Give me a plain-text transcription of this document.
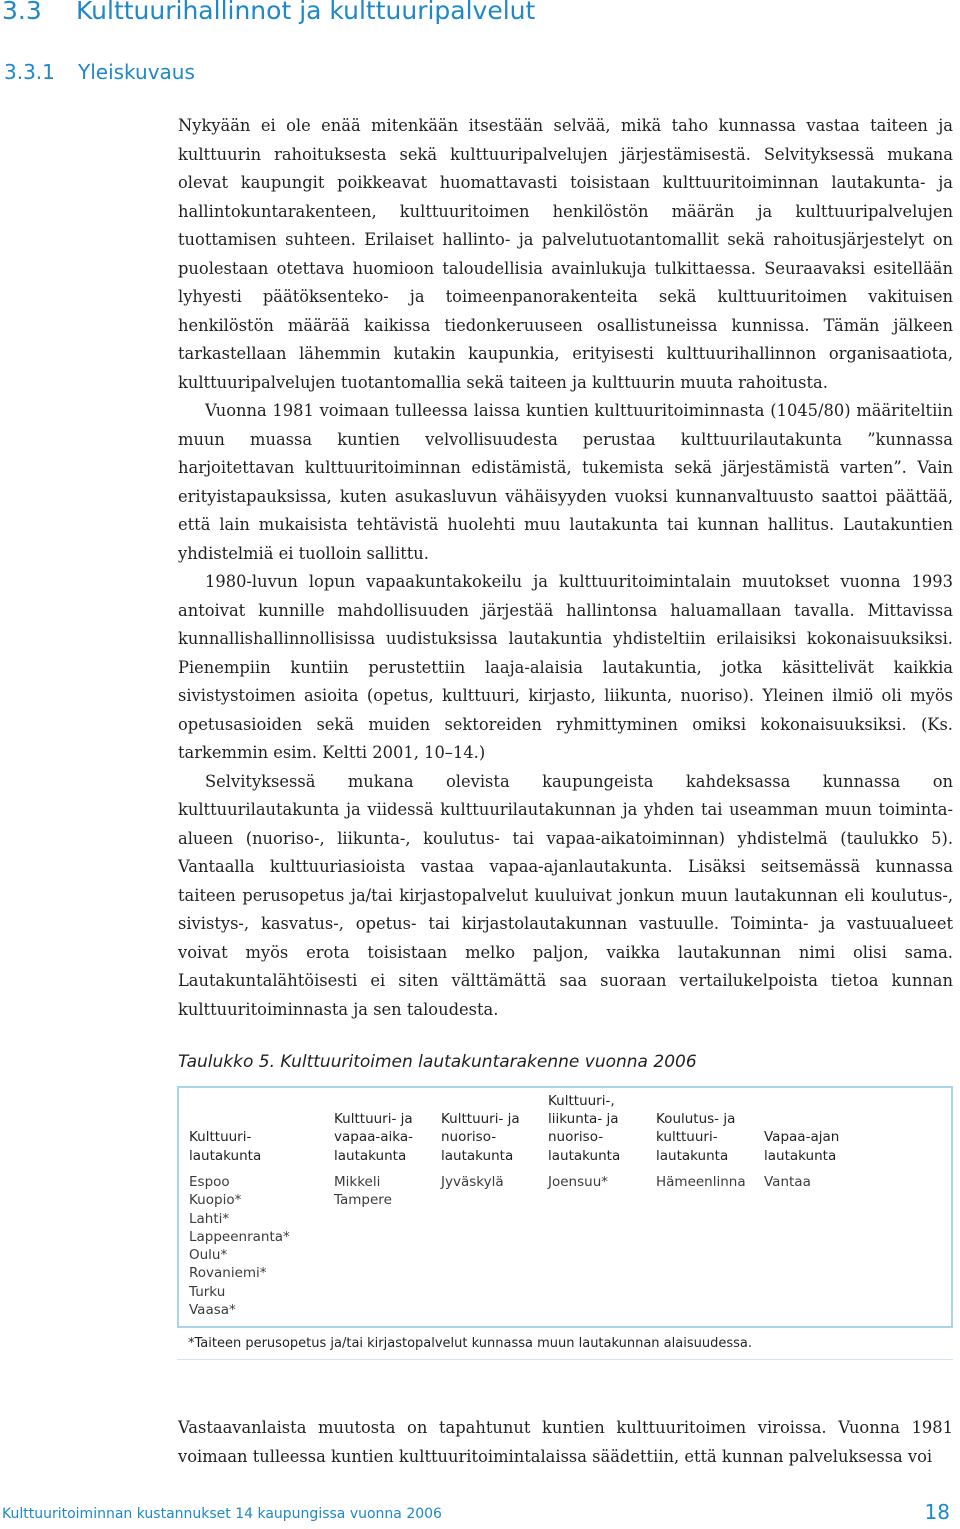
3.3 Kulttuurihallinnot ja kulttuuripalvelut
3.3.1 Yleiskuvaus

Nykyään ei ole enää mitenkään itsestään selvää, mikä taho kunnassa vastaa taiteen ja kulttuurin rahoituksesta sekä kulttuuripalvelujen järjestämisestä. Selvityksessä mukana olevat kaupungit poikkeavat huomattavasti toisistaan kulttuuritoiminnan lautakunta- ja hallintokuntarakenteen, kulttuuritoimen henkilöstön määrän ja kulttuuripalvelujen tuottamisen suhteen. Erilaiset hallinto- ja palvelutuotantomallit sekä rahoitusjärjestelyt on puolestaan otettava huomioon taloudellisia avainlukuja tulkittaessa. Seuraavaksi esitellään lyhyesti päätöksenteko- ja toimeenpanorakenteita sekä kulttuuritoimen vakituisen henkilöstön määrää kaikissa tiedonkeruuseen osallistuneissa kunnissa. Tämän jälkeen tarkastellaan lähemmin kutakin kaupunkia, erityisesti kulttuurihallinnon organisaatiota, kulttuuripalvelujen tuotantomallia sekä taiteen ja kulttuurin muuta rahoitusta.

Vuonna 1981 voimaan tulleessa laissa kuntien kulttuuritoiminnasta (1045/80) määriteltiin muun muassa kuntien velvollisuudesta perustaa kulttuurilautakunta ”kunnassa harjoitettavan kulttuuritoiminnan edistämistä, tukemista sekä järjestämistä varten”. Vain erityistapauksissa, kuten asukasluvun vähäisyyden vuoksi kunnanvaltuusto saattoi päättää, että lain mukaisista tehtävistä huolehti muu lautakunta tai kunnan hallitus. Lautakuntien yhdistelmiä ei tuolloin sallittu.

1980-luvun lopun vapaakuntakokeilu ja kulttuuritoimintalain muutokset vuonna 1993 antoivat kunnille mahdollisuuden järjestää hallintonsa haluamallaan tavalla. Mittavissa kunnallishallinnollisissa uudistuksissa lautakuntia yhdisteltiin erilaisiksi kokonaisuuksiksi. Pienempiin kuntiin perustettiin laaja-alaisia lautakuntia, jotka käsittelivät kaikkia sivistystoimen asioita (opetus, kulttuuri, kirjasto, liikunta, nuoriso). Yleinen ilmiö oli myös opetusasioiden sekä muiden sektoreiden ryhmittyminen omiksi kokonaisuuksiksi. (Ks. tarkemmin esim. Keltti 2001, 10–14.)

Selvityksessä mukana olevista kaupungeista kahdeksassa kunnassa on kulttuurilautakunta ja viidessä kulttuurilautakunnan ja yhden tai useamman muun toiminta-alueen (nuoriso-, liikunta-, koulutus- tai vapaa-aikatoiminnan) yhdistelmä (taulukko 5). Vantaalla kulttuuriasioista vastaa vapaa-ajanlautakunta. Lisäksi seitsemässä kunnassa taiteen perusopetus ja/tai kirjastopalvelut kuuluivat jonkun muun lautakunnan eli koulutus-, sivistys-, kasvatus-, opetus- tai kirjastolautakunnan vastuulle. Toiminta- ja vastuualueet voivat myös erota toisistaan melko paljon, vaikka lautakunnan nimi olisi sama. Lautakuntalähtöisesti ei siten välttämättä saa suoraan vertailukelpoista tietoa kunnan kulttuuritoiminnasta ja sen taloudesta.

Taulukko 5. Kulttuuritoimen lautakuntarakenne vuonna 2006

Kulttuuri-
lautakunta
Espoo
Kuopio*
Lahti*
Lappeenranta*
Oulu*
Rovaniemi*
Turku
Vaasa*
Kulttuuri- ja
vapaa-aika-
lautakunta
Mikkeli
Tampere
Kulttuuri- ja
nuoriso-
lautakunta
Jyväskylä
Kulttuuri-,
liikunta- ja
nuoriso-
lautakunta
Joensuu*
Koulutus- ja
kulttuuri-
lautakunta
Hämeenlinna
Vapaa-ajan
lautakunta
Vantaa

*Taiteen perusopetus ja/tai kirjastopalvelut kunnassa muun lautakunnan alaisuudessa.

Vastaavanlaista muutosta on tapahtunut kuntien kulttuuritoimen viroissa. Vuonna 1981 voimaan tulleessa kuntien kulttuuritoimintalaissa säädettiin, että kunnan palveluksessa voi

Kulttuuritoiminnan kustannukset 14 kaupungissa vuonna 2006	18
